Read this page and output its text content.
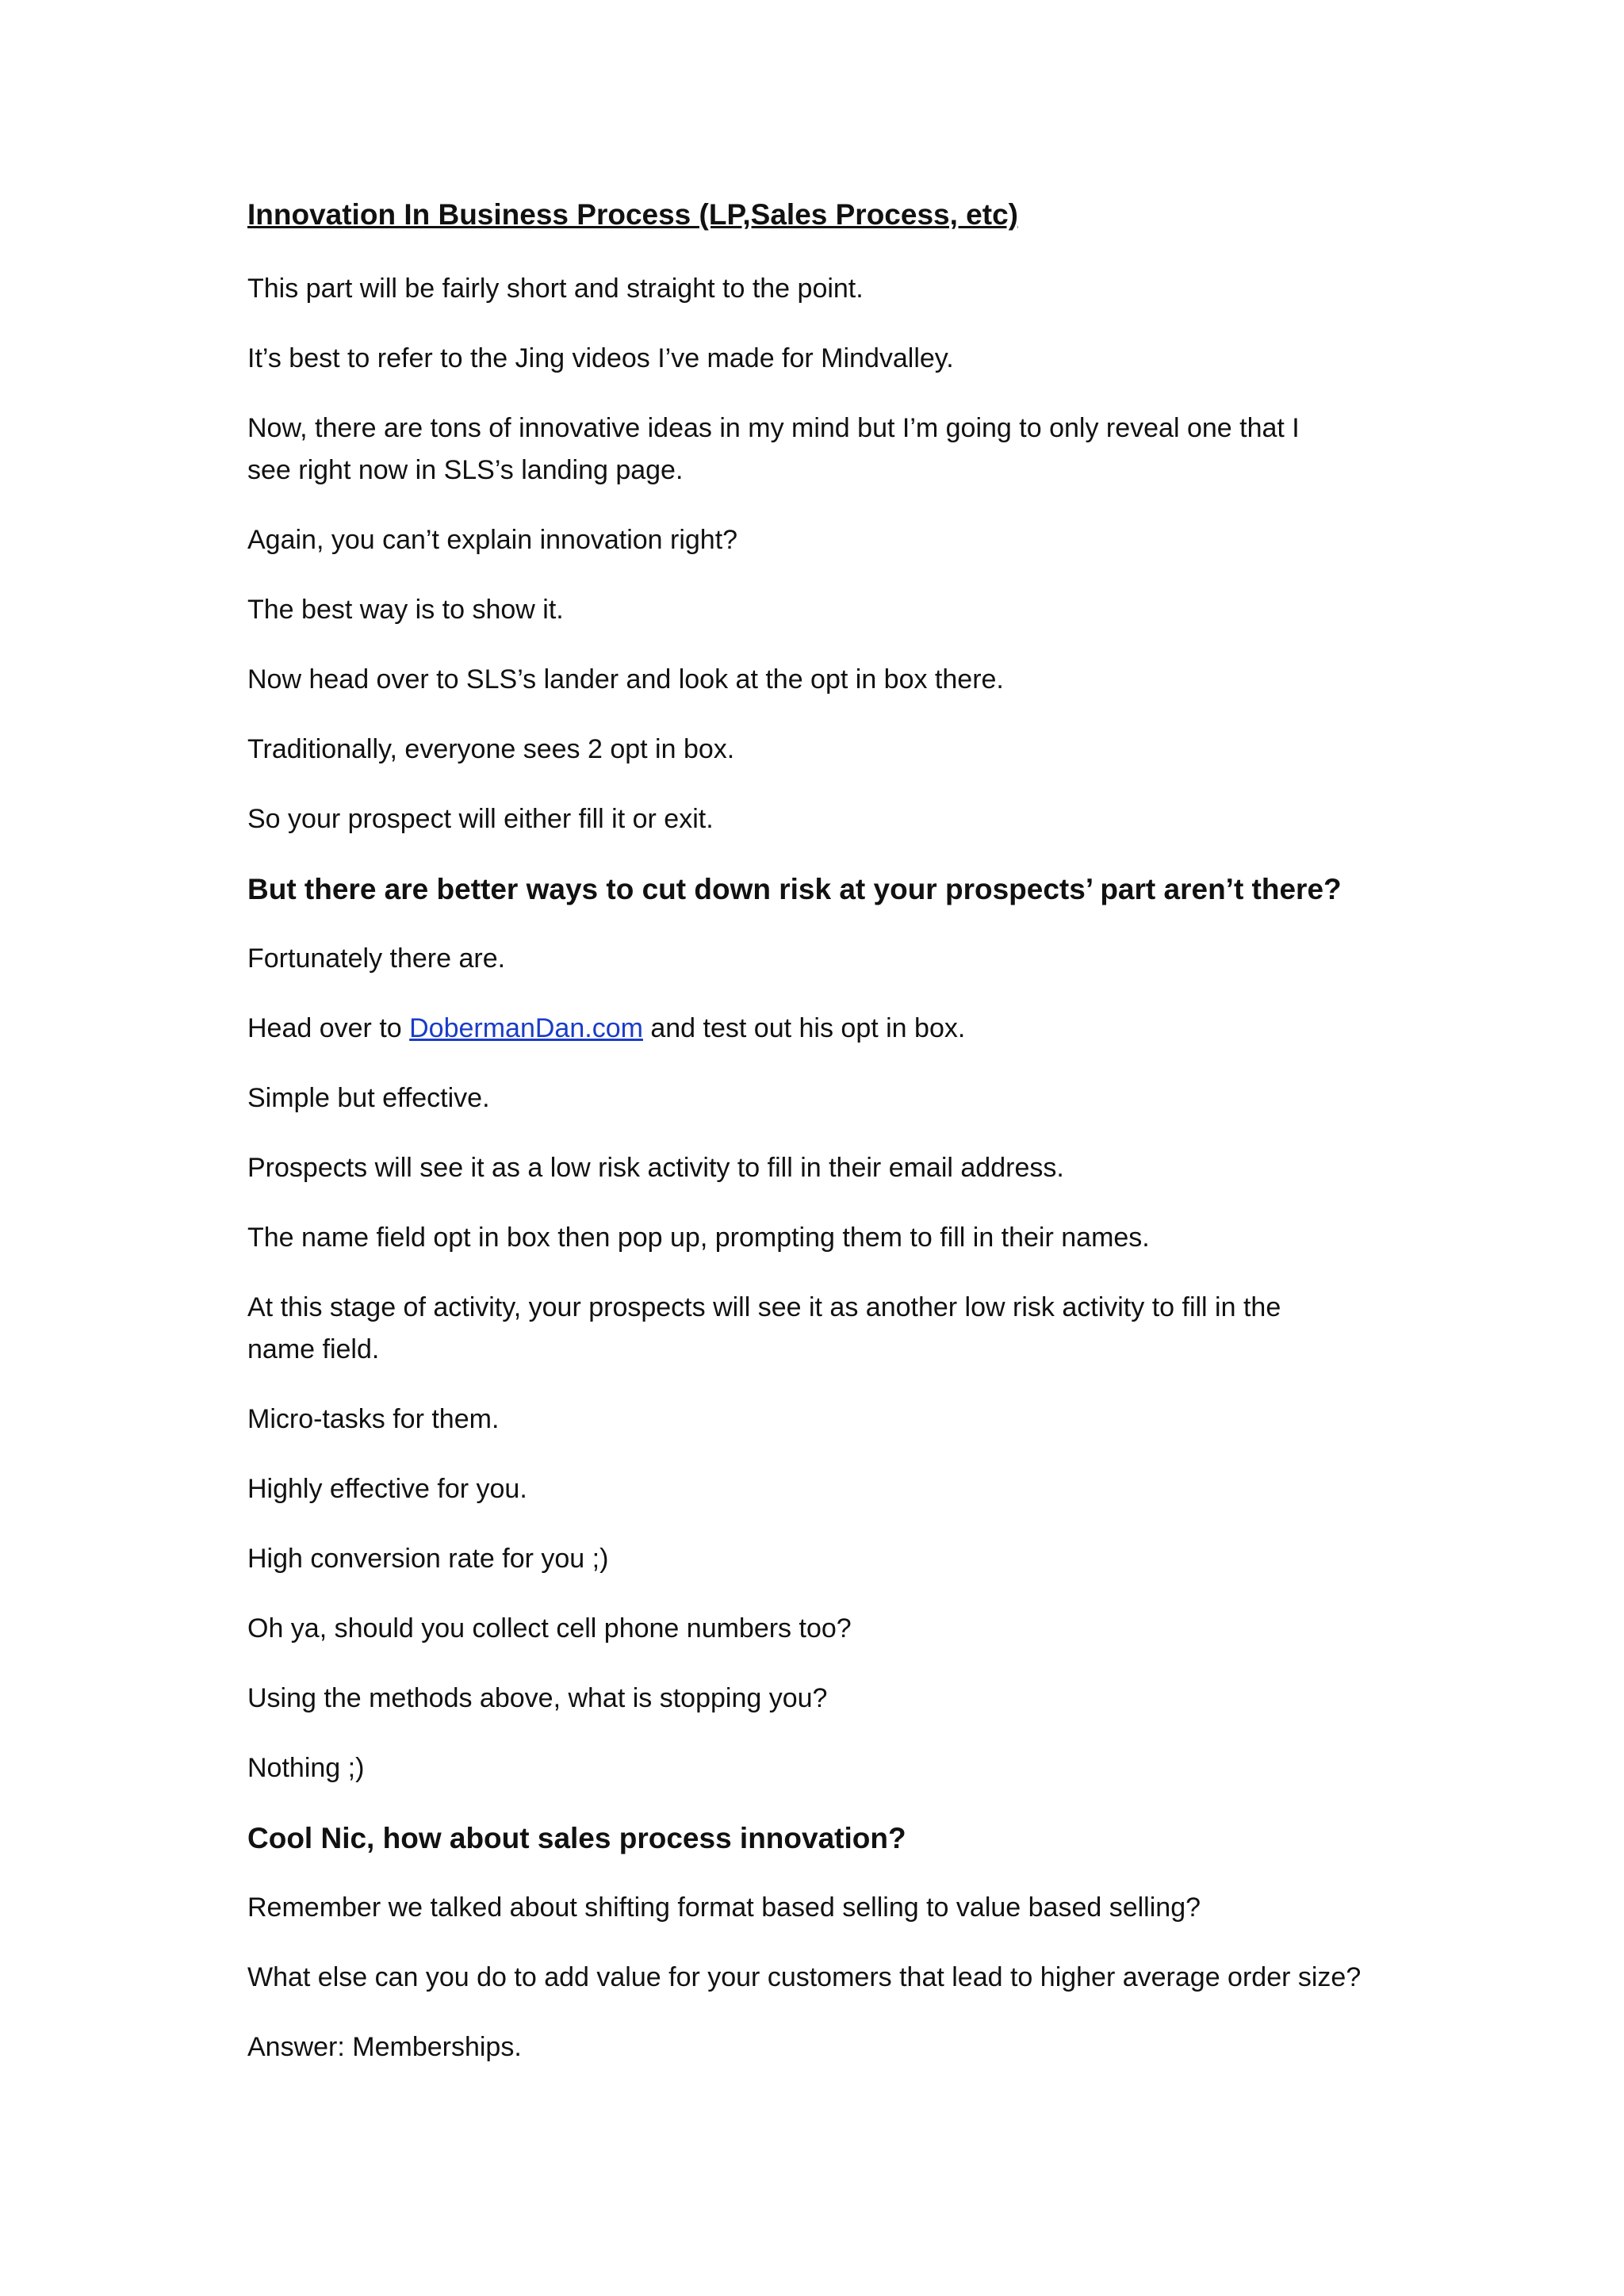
Innovation In Business Process (LP,Sales Process, etc)
This part will be fairly short and straight to the point.
It’s best to refer to the Jing videos I’ve made for Mindvalley.
Now, there are tons of innovative ideas in my mind but I’m going to only reveal one that I
see right now in SLS’s landing page.
Again, you can’t explain innovation right?
The best way is to show it.
Now head over to SLS’s lander and look at the opt in box there.
Traditionally, everyone sees 2 opt in box.
So your prospect will either fill it or exit.
But there are better ways to cut down risk at your prospects’ part aren’t there?
Fortunately there are.
Head over to DobermanDan.com and test out his opt in box.
Simple but effective.
Prospects will see it as a low risk activity to fill in their email address.
The name field opt in box then pop up, prompting them to fill in their names.
At this stage of activity, your prospects will see it as another low risk activity to fill in the
name field.
Micro-tasks for them.
Highly effective for you.
High conversion rate for you ;)
Oh ya, should you collect cell phone numbers too?
Using the methods above, what is stopping you?
Nothing ;)
Cool Nic, how about sales process innovation?
Remember we talked about shifting format based selling to value based selling?
What else can you do to add value for your customers that lead to higher average order size?
Answer: Memberships.
